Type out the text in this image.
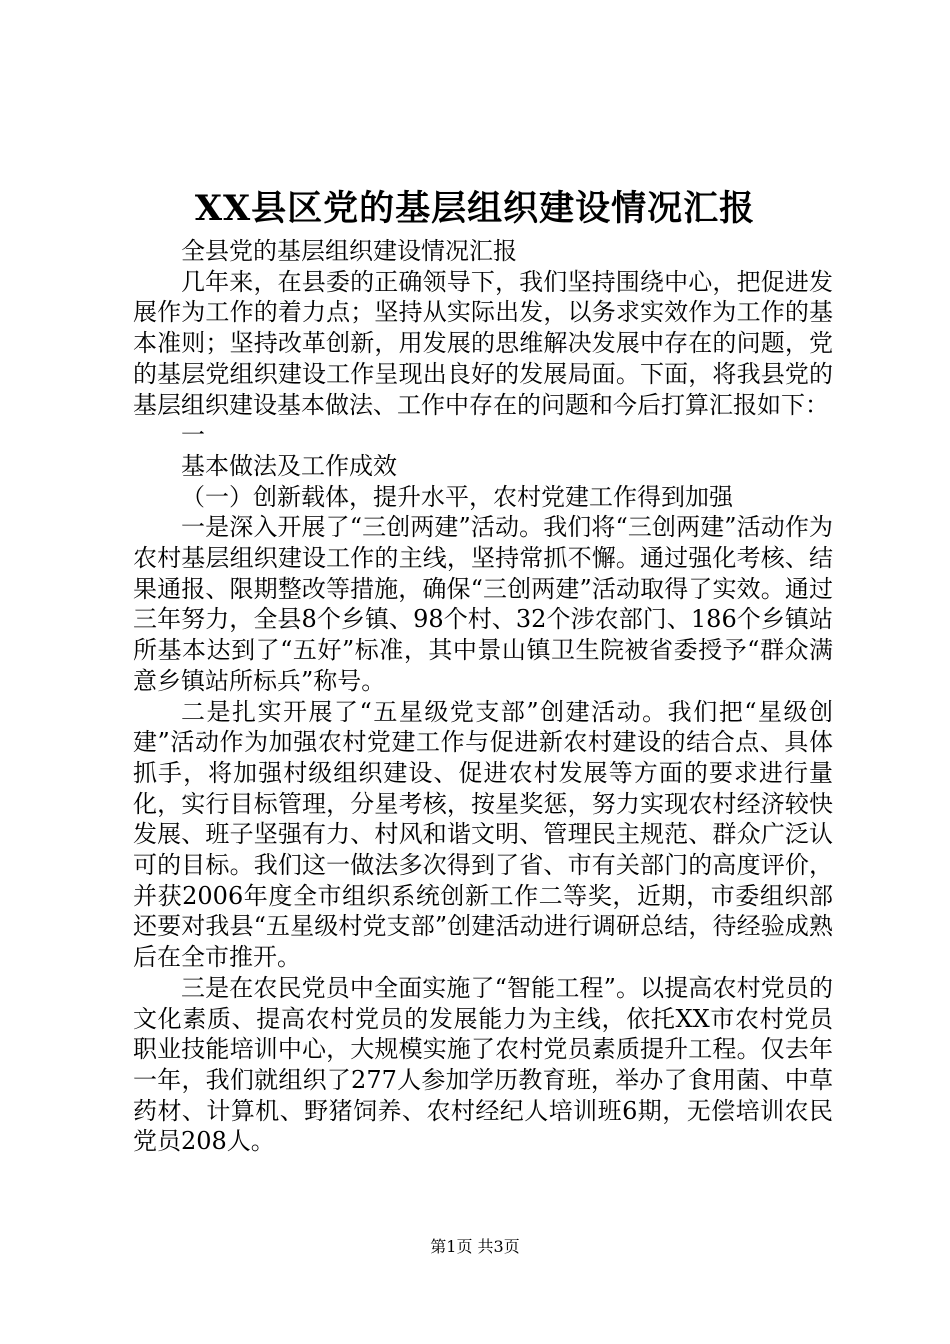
XX县区党的基层组织建设情况汇报

全县党的基层组织建设情况汇报

几年来，在县委的正确领导下，我们坚持围绕中心，把促进发展作为工作的着力点；坚持从实际出发，以务求实效作为工作的基本准则；坚持改革创新，用发展的思维解决发展中存在的问题，党的基层党组织建设工作呈现出良好的发展局面。下面，将我县党的基层组织建设基本做法、工作中存在的问题和今后打算汇报如下：

一

基本做法及工作成效

（一）创新载体，提升水平，农村党建工作得到加强

一是深入开展了“三创两建”活动。我们将“三创两建”活动作为农村基层组织建设工作的主线，坚持常抓不懈。通过强化考核、结果通报、限期整改等措施，确保“三创两建”活动取得了实效。通过三年努力，全县8个乡镇、98个村、32个涉农部门、186个乡镇站所基本达到了“五好”标准，其中景山镇卫生院被省委授予“群众满意乡镇站所标兵”称号。

二是扎实开展了“五星级党支部”创建活动。我们把“星级创建”活动作为加强农村党建工作与促进新农村建设的结合点、具体抓手，将加强村级组织建设、促进农村发展等方面的要求进行量化，实行目标管理，分星考核，按星奖惩，努力实现农村经济较快发展、班子坚强有力、村风和谐文明、管理民主规范、群众广泛认可的目标。我们这一做法多次得到了省、市有关部门的高度评价，并获2006年度全市组织系统创新工作二等奖，近期，市委组织部还要对我县“五星级村党支部”创建活动进行调研总结，待经验成熟后在全市推开。

三是在农民党员中全面实施了“智能工程”。以提高农村党员的文化素质、提高农村党员的发展能力为主线，依托XX市农村党员职业技能培训中心，大规模实施了农村党员素质提升工程。仅去年一年，我们就组织了277人参加学历教育班，举办了食用菌、中草药材、计算机、野猪饲养、农村经纪人培训班6期，无偿培训农民党员208人。

第1页 共3页
